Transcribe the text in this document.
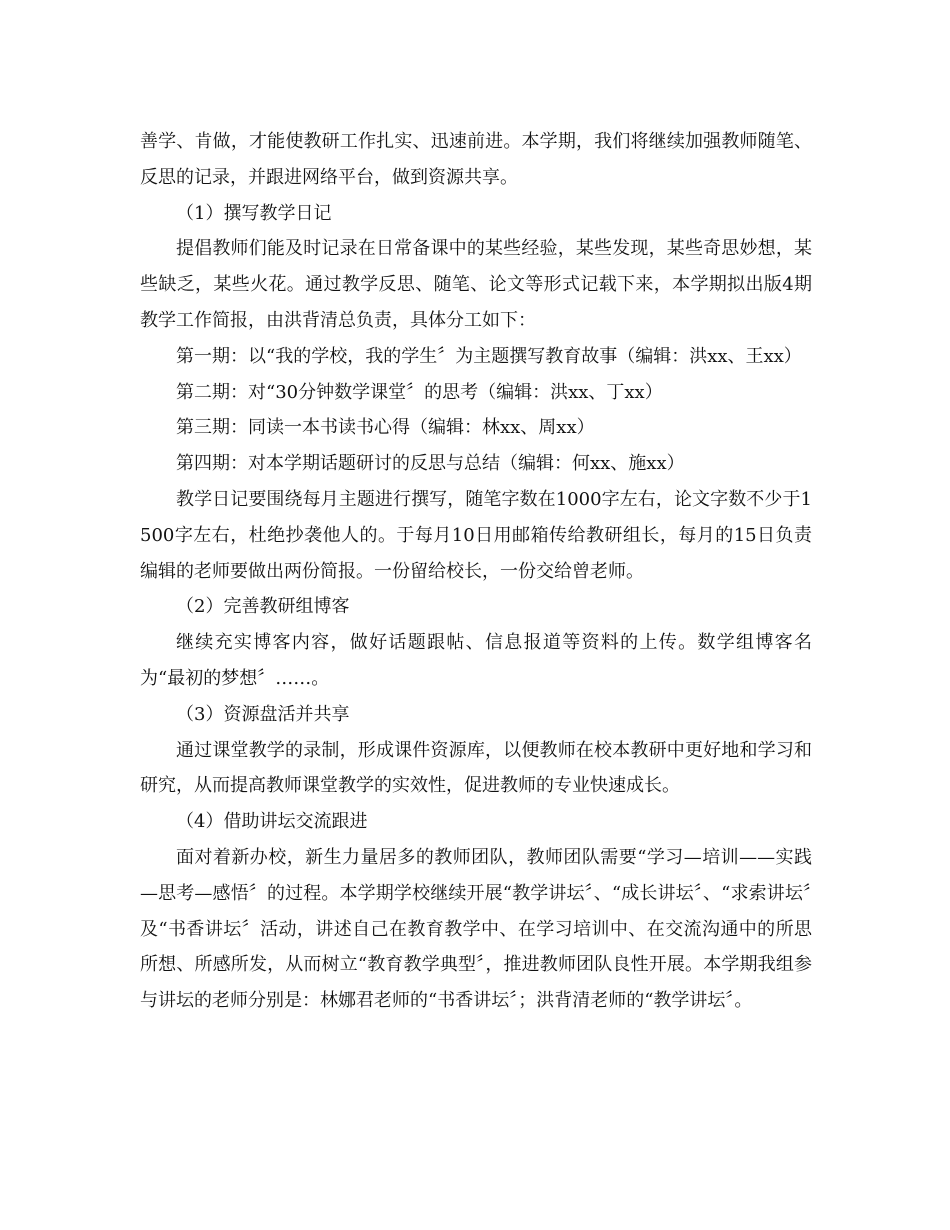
善学、肯做，才能使教研工作扎实、迅速前进。本学期，我们将继续加强教师随笔、反思的记录，并跟进网络平台，做到资源共享。

（1）撰写教学日记

提倡教师们能及时记录在日常备课中的某些经验，某些发现，某些奇思妙想，某些缺乏，某些火花。通过教学反思、随笔、论文等形式记载下来，本学期拟出版4期教学工作简报，由洪背清总负责，具体分工如下：

第一期：以“我的学校，我的学生〞为主题撰写教育故事（编辑：洪xx、王xx）

第二期：对“30分钟数学课堂〞的思考（编辑：洪xx、丁xx）

第三期：同读一本书读书心得（编辑：林xx、周xx）

第四期：对本学期话题研讨的反思与总结（编辑：何xx、施xx）

教学日记要围绕每月主题进行撰写，随笔字数在1000字左右，论文字数不少于1500字左右，杜绝抄袭他人的。于每月10日用邮箱传给教研组长，每月的15日负责编辑的老师要做出两份简报。一份留给校长，一份交给曾老师。

（2）完善教研组博客

继续充实博客内容，做好话题跟帖、信息报道等资料的上传。数学组博客名为“最初的梦想〞……。

（3）资源盘活并共享

通过课堂教学的录制，形成课件资源库，以便教师在校本教研中更好地和学习和研究，从而提高教师课堂教学的实效性，促进教师的专业快速成长。

（4）借助讲坛交流跟进

面对着新办校，新生力量居多的教师团队，教师团队需要“学习—培训——实践—思考—感悟〞的过程。本学期学校继续开展“教学讲坛〞、“成长讲坛〞、“求索讲坛〞及“书香讲坛〞活动，讲述自己在教育教学中、在学习培训中、在交流沟通中的所思所想、所感所发，从而树立“教育教学典型〞，推进教师团队良性开展。本学期我组参与讲坛的老师分别是：林娜君老师的“书香讲坛〞；洪背清老师的“教学讲坛〞。
